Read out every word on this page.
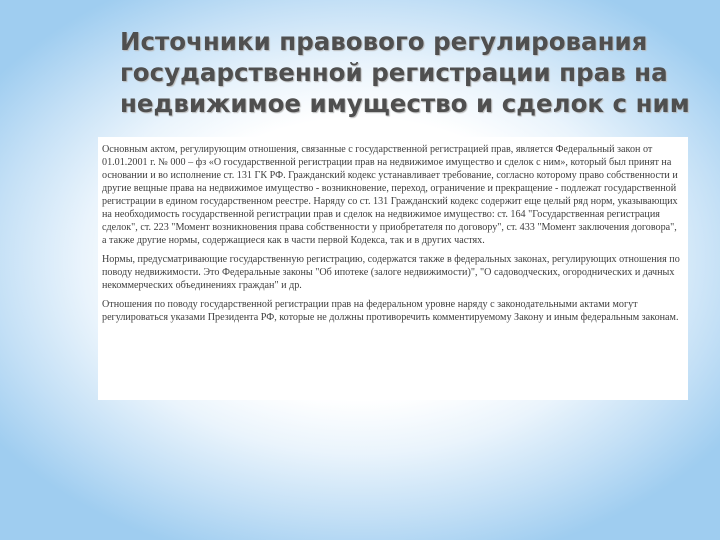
Источники правового регулирования
государственной регистрации прав на
недвижимое имущество и сделок с ним

Основным актом, регулирующим отношения, связанные с государственной регистрацией прав, является Федеральный закон от 01.01.2001 г. № 000 – фз «О государственной регистрации прав на недвижимое имущество и сделок с ним», который был принят на основании и во исполнение ст. 131 ГК РФ. Гражданский кодекс устанавливает требование, согласно которому право собственности и другие вещные права на недвижимое имущество - возникновение, переход, ограничение и прекращение - подлежат государственной регистрации в едином государственном реестре. Наряду со ст. 131 Гражданский кодекс содержит еще целый ряд норм, указывающих на необходимость государственной регистрации прав и сделок на недвижимое имущество: ст. 164 "Государственная регистрация сделок", ст. 223 "Момент возникновения права собственности у приобретателя по договору", ст. 433 "Момент заключения договора", а также другие нормы, содержащиеся как в части первой Кодекса, так и в других частях.

Нормы, предусматривающие государственную регистрацию, содержатся также в федеральных законах, регулирующих отношения по поводу недвижимости. Это Федеральные законы "Об ипотеке (залоге недвижимости)", "О садоводческих, огороднических и дачных некоммерческих объединениях граждан" и др.

Отношения по поводу государственной регистрации прав на федеральном уровне наряду с законодательными актами могут регулироваться указами Президента РФ, которые не должны противоречить комментируемому Закону и иным федеральным законам.
